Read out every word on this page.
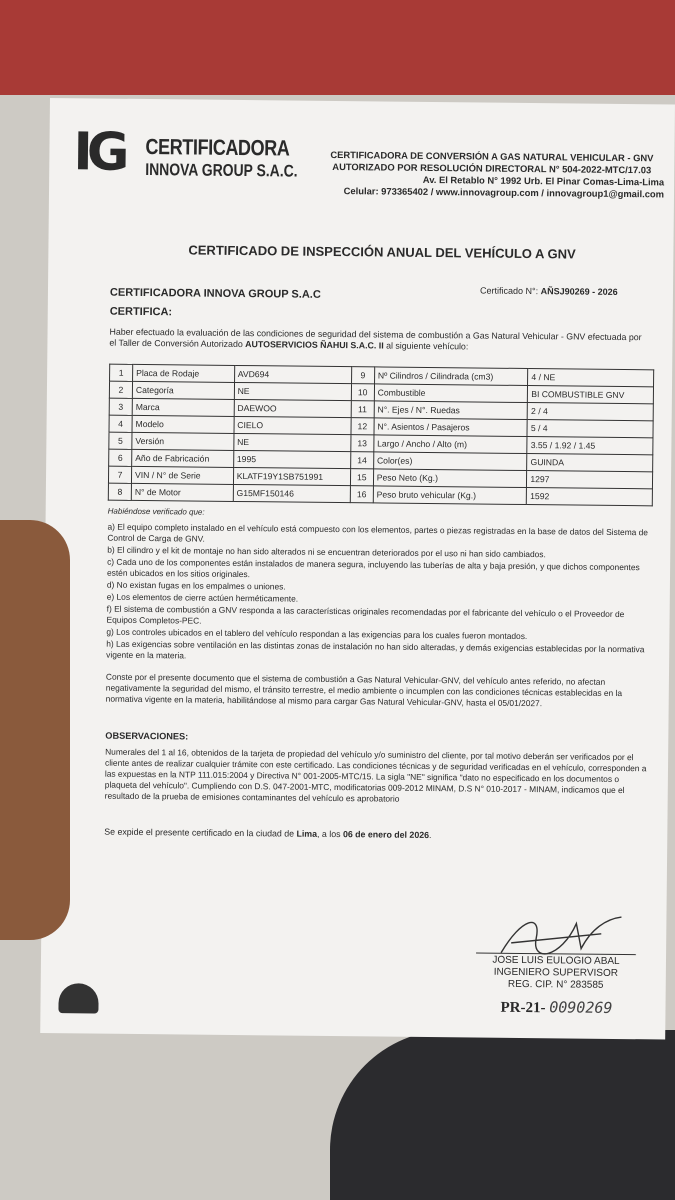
IG CERTIFICADORA
INNOVA GROUP S.A.C.
CERTIFICADORA DE CONVERSIÓN A GAS NATURAL VEHICULAR - GNV
AUTORIZADO POR RESOLUCIÓN DIRECTORAL N° 504-2022-MTC/17.03
Av. El Retablo N° 1992 Urb. El Pinar Comas-Lima-Lima
Celular: 973365402 / www.innovagroup.com / innovagroup1@gmail.com
CERTIFICADO DE INSPECCIÓN ANUAL DEL VEHÍCULO A GNV
Certificado N°: AÑSJ90269 - 2026
CERTIFICADORA INNOVA GROUP S.A.C
CERTIFICA:
Haber efectuado la evaluación de las condiciones de seguridad del sistema de combustión a Gas Natural Vehicular - GNV efectuada por el Taller de Conversión Autorizado AUTOSERVICIOS ÑAHUI S.A.C. II al siguiente vehículo:
1	Placa de Rodaje	AVD694	9	Nº Cilindros / Cilindrada (cm3)	4 / NE
2	Categoría	NE	10	Combustible	BI COMBUSTIBLE GNV
3	Marca	DAEWOO	11	N°. Ejes / N°. Ruedas	2 / 4
4	Modelo	CIELO	12	N°. Asientos / Pasajeros	5 / 4
5	Versión	NE	13	Largo / Ancho / Alto (m)	3.55 / 1.92 / 1.45
6	Año de Fabricación	1995	14	Color(es)	GUINDA
7	VIN / N° de Serie	KLATF19Y1SB751991	15	Peso Neto (Kg.)	1297
8	N° de Motor	G15MF150146	16	Peso bruto vehicular (Kg.)	1592
Habiéndose verificado que:

a) El equipo completo instalado en el vehículo está compuesto con los elementos, partes o piezas registradas en la base de datos del Sistema de Control de Carga de GNV.

b) El cilindro y el kit de montaje no han sido alterados ni se encuentran deteriorados por el uso ni han sido cambiados.

c) Cada uno de los componentes están instalados de manera segura, incluyendo las tuberías de alta y baja presión, y que dichos componentes estén ubicados en los sitios originales.

d) No existan fugas en los empalmes o uniones.

e) Los elementos de cierre actúen herméticamente.

f) El sistema de combustión a GNV responda a las características originales recomendadas por el fabricante del vehículo o el Proveedor de Equipos Completos-PEC.

g) Los controles ubicados en el tablero del vehículo respondan a las exigencias para los cuales fueron montados.

h) Las exigencias sobre ventilación en las distintas zonas de instalación no han sido alteradas, y demás exigencias establecidas por la normativa vigente en la materia.

Conste por el presente documento que el sistema de combustión a Gas Natural Vehicular-GNV, del vehículo antes referido, no afectan negativamente la seguridad del mismo, el tránsito terrestre, el medio ambiente o incumplen con las condiciones técnicas establecidas en la normativa vigente en la materia, habilitándose al mismo para cargar Gas Natural Vehicular-GNV, hasta el 05/01/2027.
OBSERVACIONES:
Numerales del 1 al 16, obtenidos de la tarjeta de propiedad del vehículo y/o suministro del cliente, por tal motivo deberán ser verificados por el cliente antes de realizar cualquier trámite con este certificado. Las condiciones técnicas y de seguridad verificadas en el vehículo, corresponden a las expuestas en la NTP 111.015:2004 y Directiva N° 001-2005-MTC/15. La sigla "NE" significa "dato no especificado en los documentos o plaqueta del vehículo". Cumpliendo con D.S. 047-2001-MTC, modificatorias 009-2012 MINAM, D.S N° 010-2017 - MINAM, indicamos que el resultado de la prueba de emisiones contaminantes del vehículo es aprobatorio
Se expide el presente certificado en la ciudad de Lima, a los 06 de enero del 2026.
JOSE LUIS EULOGIO ABAL
INGENIERO SUPERVISOR
REG. CIP. N° 283585
PR-21- 0090269
